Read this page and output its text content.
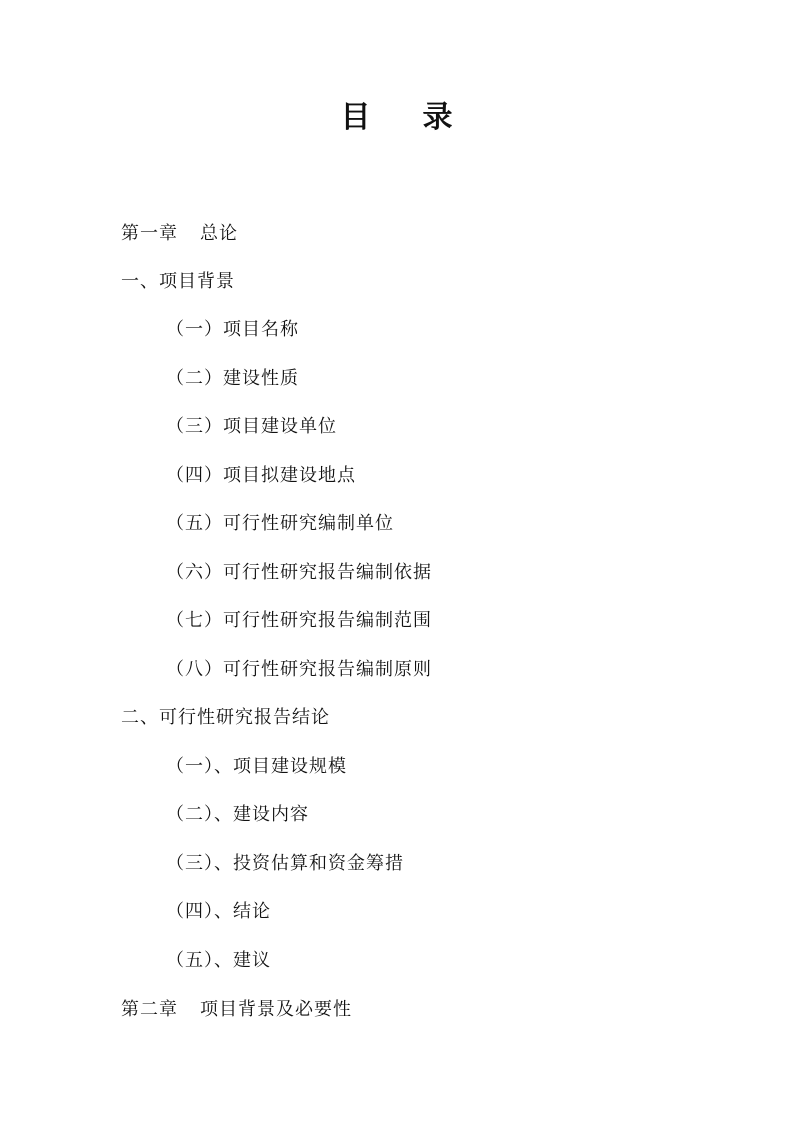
目录
第一章 总论
一、项目背景
（一）项目名称
（二）建设性质
（三）项目建设单位
（四）项目拟建设地点
（五）可行性研究编制单位
（六）可行性研究报告编制依据
（七）可行性研究报告编制范围
（八）可行性研究报告编制原则
二、可行性研究报告结论
（一）、项目建设规模
（二）、建设内容
（三）、投资估算和资金筹措
（四）、结论
（五）、建议
第二章 项目背景及必要性
